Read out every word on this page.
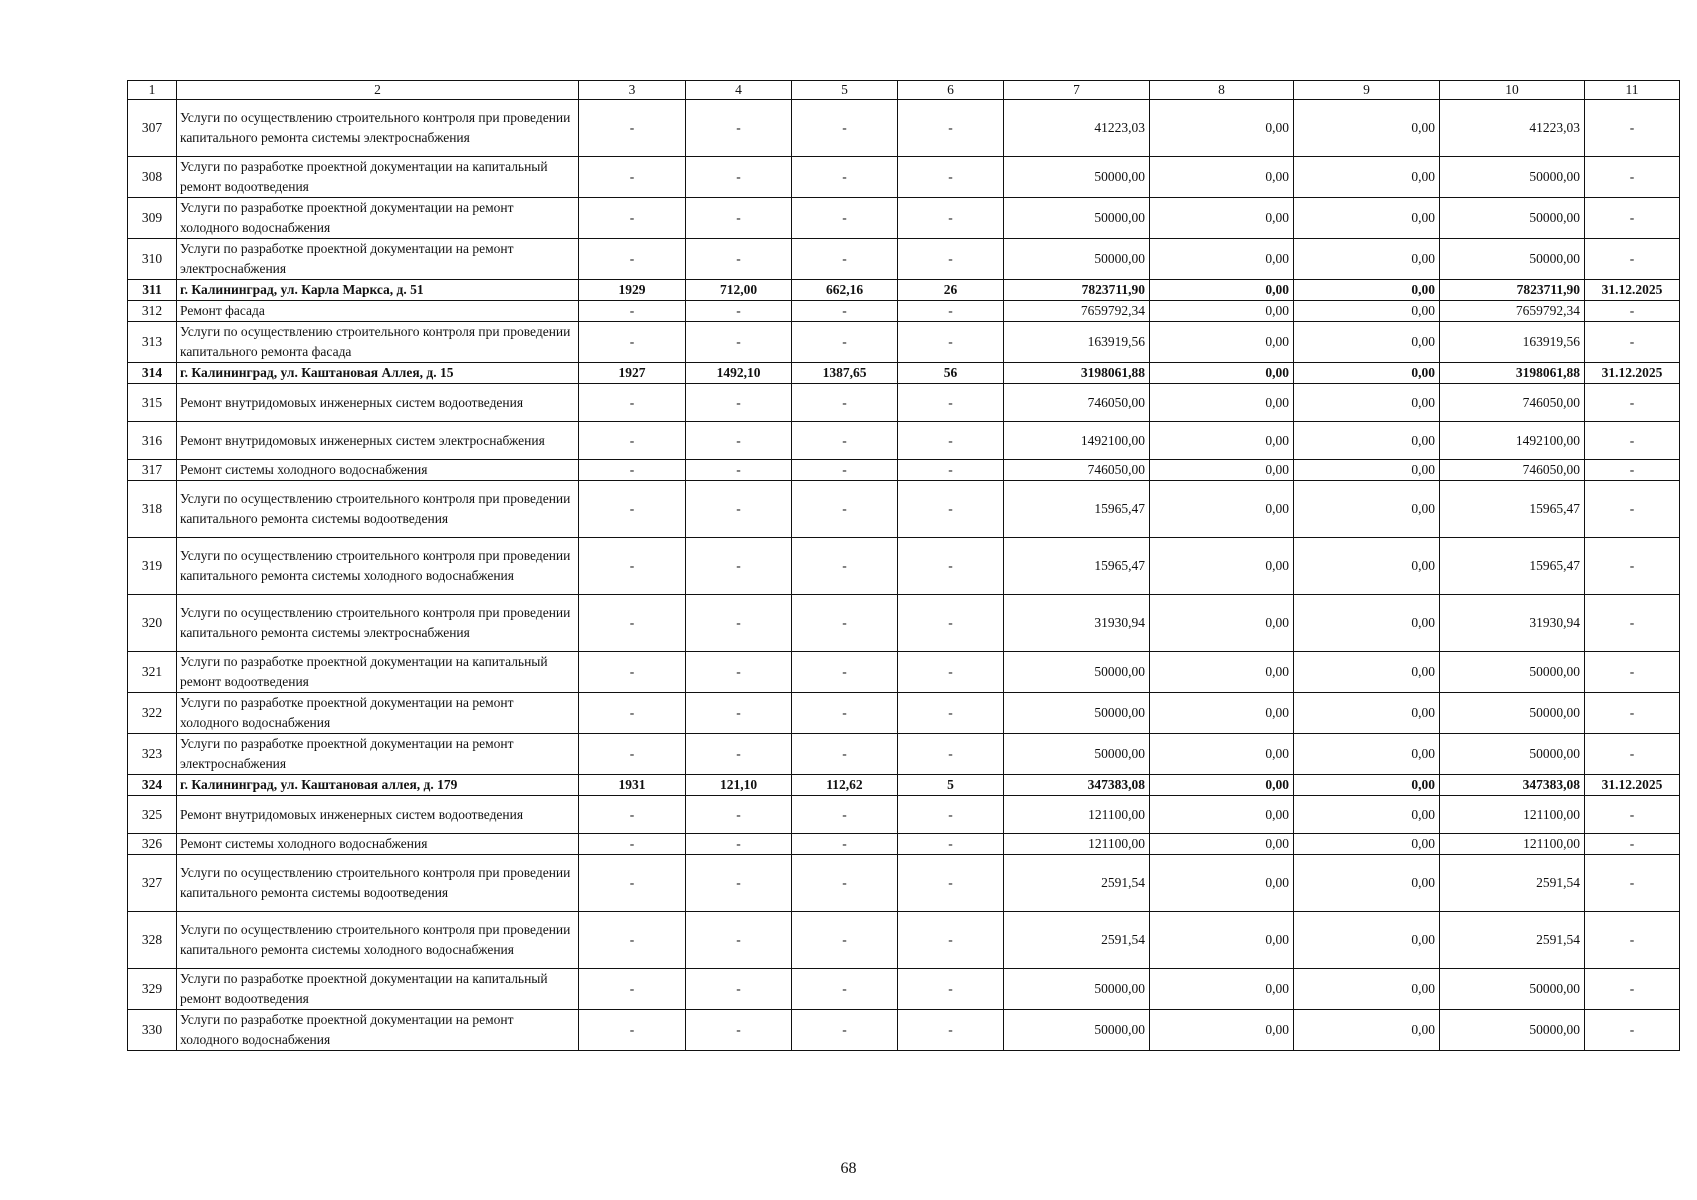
1	2	3	4	5	6	7	8	9	10	11
307	Услуги по осуществлению строительного контроля при проведении капитального ремонта системы электроснабжения	-	-	-	-	41223,03	0,00	0,00	41223,03	-
308	Услуги по разработке проектной документации на капитальный ремонт водоотведения	-	-	-	-	50000,00	0,00	0,00	50000,00	-
309	Услуги по разработке проектной документации на ремонт холодного водоснабжения	-	-	-	-	50000,00	0,00	0,00	50000,00	-
310	Услуги по разработке проектной документации на ремонт электроснабжения	-	-	-	-	50000,00	0,00	0,00	50000,00	-
311	г. Калининград, ул. Карла Маркса, д. 51	1929	712,00	662,16	26	7823711,90	0,00	0,00	7823711,90	31.12.2025
312	Ремонт фасада	-	-	-	-	7659792,34	0,00	0,00	7659792,34	-
313	Услуги по осуществлению строительного контроля при проведении капитального ремонта фасада	-	-	-	-	163919,56	0,00	0,00	163919,56	-
314	г. Калининград, ул. Каштановая Аллея, д. 15	1927	1492,10	1387,65	56	3198061,88	0,00	0,00	3198061,88	31.12.2025
315	Ремонт внутридомовых инженерных систем водоотведения	-	-	-	-	746050,00	0,00	0,00	746050,00	-
316	Ремонт внутридомовых инженерных систем электроснабжения	-	-	-	-	1492100,00	0,00	0,00	1492100,00	-
317	Ремонт системы холодного водоснабжения	-	-	-	-	746050,00	0,00	0,00	746050,00	-
318	Услуги по осуществлению строительного контроля при проведении капитального ремонта системы водоотведения	-	-	-	-	15965,47	0,00	0,00	15965,47	-
319	Услуги по осуществлению строительного контроля при проведении капитального ремонта системы холодного водоснабжения	-	-	-	-	15965,47	0,00	0,00	15965,47	-
320	Услуги по осуществлению строительного контроля при проведении капитального ремонта системы электроснабжения	-	-	-	-	31930,94	0,00	0,00	31930,94	-
321	Услуги по разработке проектной документации на капитальный ремонт водоотведения	-	-	-	-	50000,00	0,00	0,00	50000,00	-
322	Услуги по разработке проектной документации на ремонт холодного водоснабжения	-	-	-	-	50000,00	0,00	0,00	50000,00	-
323	Услуги по разработке проектной документации на ремонт электроснабжения	-	-	-	-	50000,00	0,00	0,00	50000,00	-
324	г. Калининград, ул. Каштановая аллея, д. 179	1931	121,10	112,62	5	347383,08	0,00	0,00	347383,08	31.12.2025
325	Ремонт внутридомовых инженерных систем водоотведения	-	-	-	-	121100,00	0,00	0,00	121100,00	-
326	Ремонт системы холодного водоснабжения	-	-	-	-	121100,00	0,00	0,00	121100,00	-
327	Услуги по осуществлению строительного контроля при проведении капитального ремонта системы водоотведения	-	-	-	-	2591,54	0,00	0,00	2591,54	-
328	Услуги по осуществлению строительного контроля при проведении капитального ремонта системы холодного водоснабжения	-	-	-	-	2591,54	0,00	0,00	2591,54	-
329	Услуги по разработке проектной документации на капитальный ремонт водоотведения	-	-	-	-	50000,00	0,00	0,00	50000,00	-
330	Услуги по разработке проектной документации на ремонт холодного водоснабжения	-	-	-	-	50000,00	0,00	0,00	50000,00	-
68
